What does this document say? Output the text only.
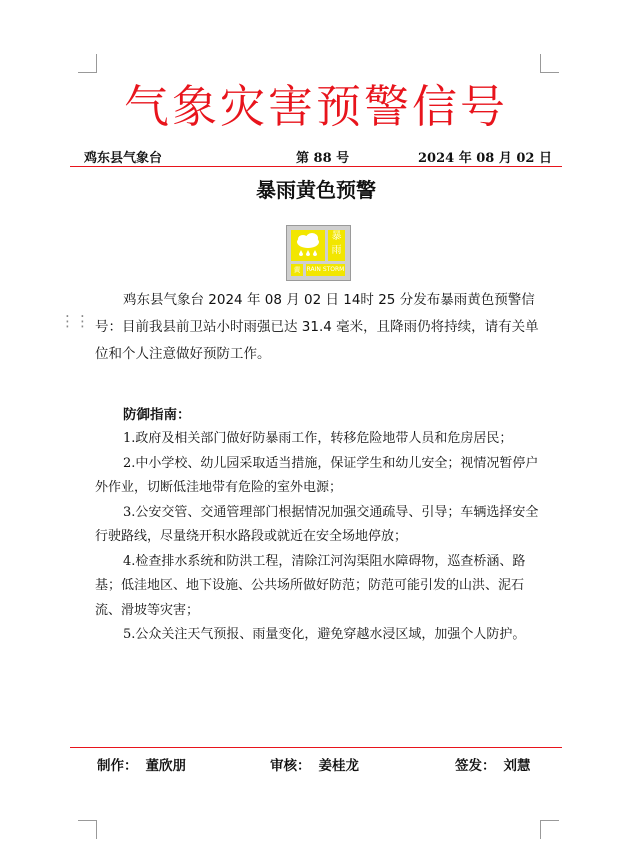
气象灾害预警信号
鸡东县气象台	第 88 号	2024 年 08 月 02 日
暴雨黄色预警
暴雨
黄	RAIN STORM
⋮⋮

鸡东县气象台 2024 年 08 月 02 日 14时 25 分发布暴雨黄色预警信号：目前我县前卫站小时雨强已达 31.4 毫米，且降雨仍将持续，请有关单位和个人注意做好预防工作。

防御指南：
1.政府及相关部门做好防暴雨工作，转移危险地带人员和危房居民；
2.中小学校、幼儿园采取适当措施，保证学生和幼儿安全；视情况暂停户外作业，切断低洼地带有危险的室外电源；
3.公安交管、交通管理部门根据情况加强交通疏导、引导；车辆选择安全行驶路线，尽量绕开积水路段或就近在安全场地停放；
4.检查排水系统和防洪工程，清除江河沟渠阻水障碍物，巡查桥涵、路基；低洼地区、地下设施、公共场所做好防范；防范可能引发的山洪、泥石流、滑坡等灾害；
5.公众关注天气预报、雨量变化，避免穿越水浸区域，加强个人防护。
制作： 董欣朋	审核： 姜桂龙	签发： 刘慧
